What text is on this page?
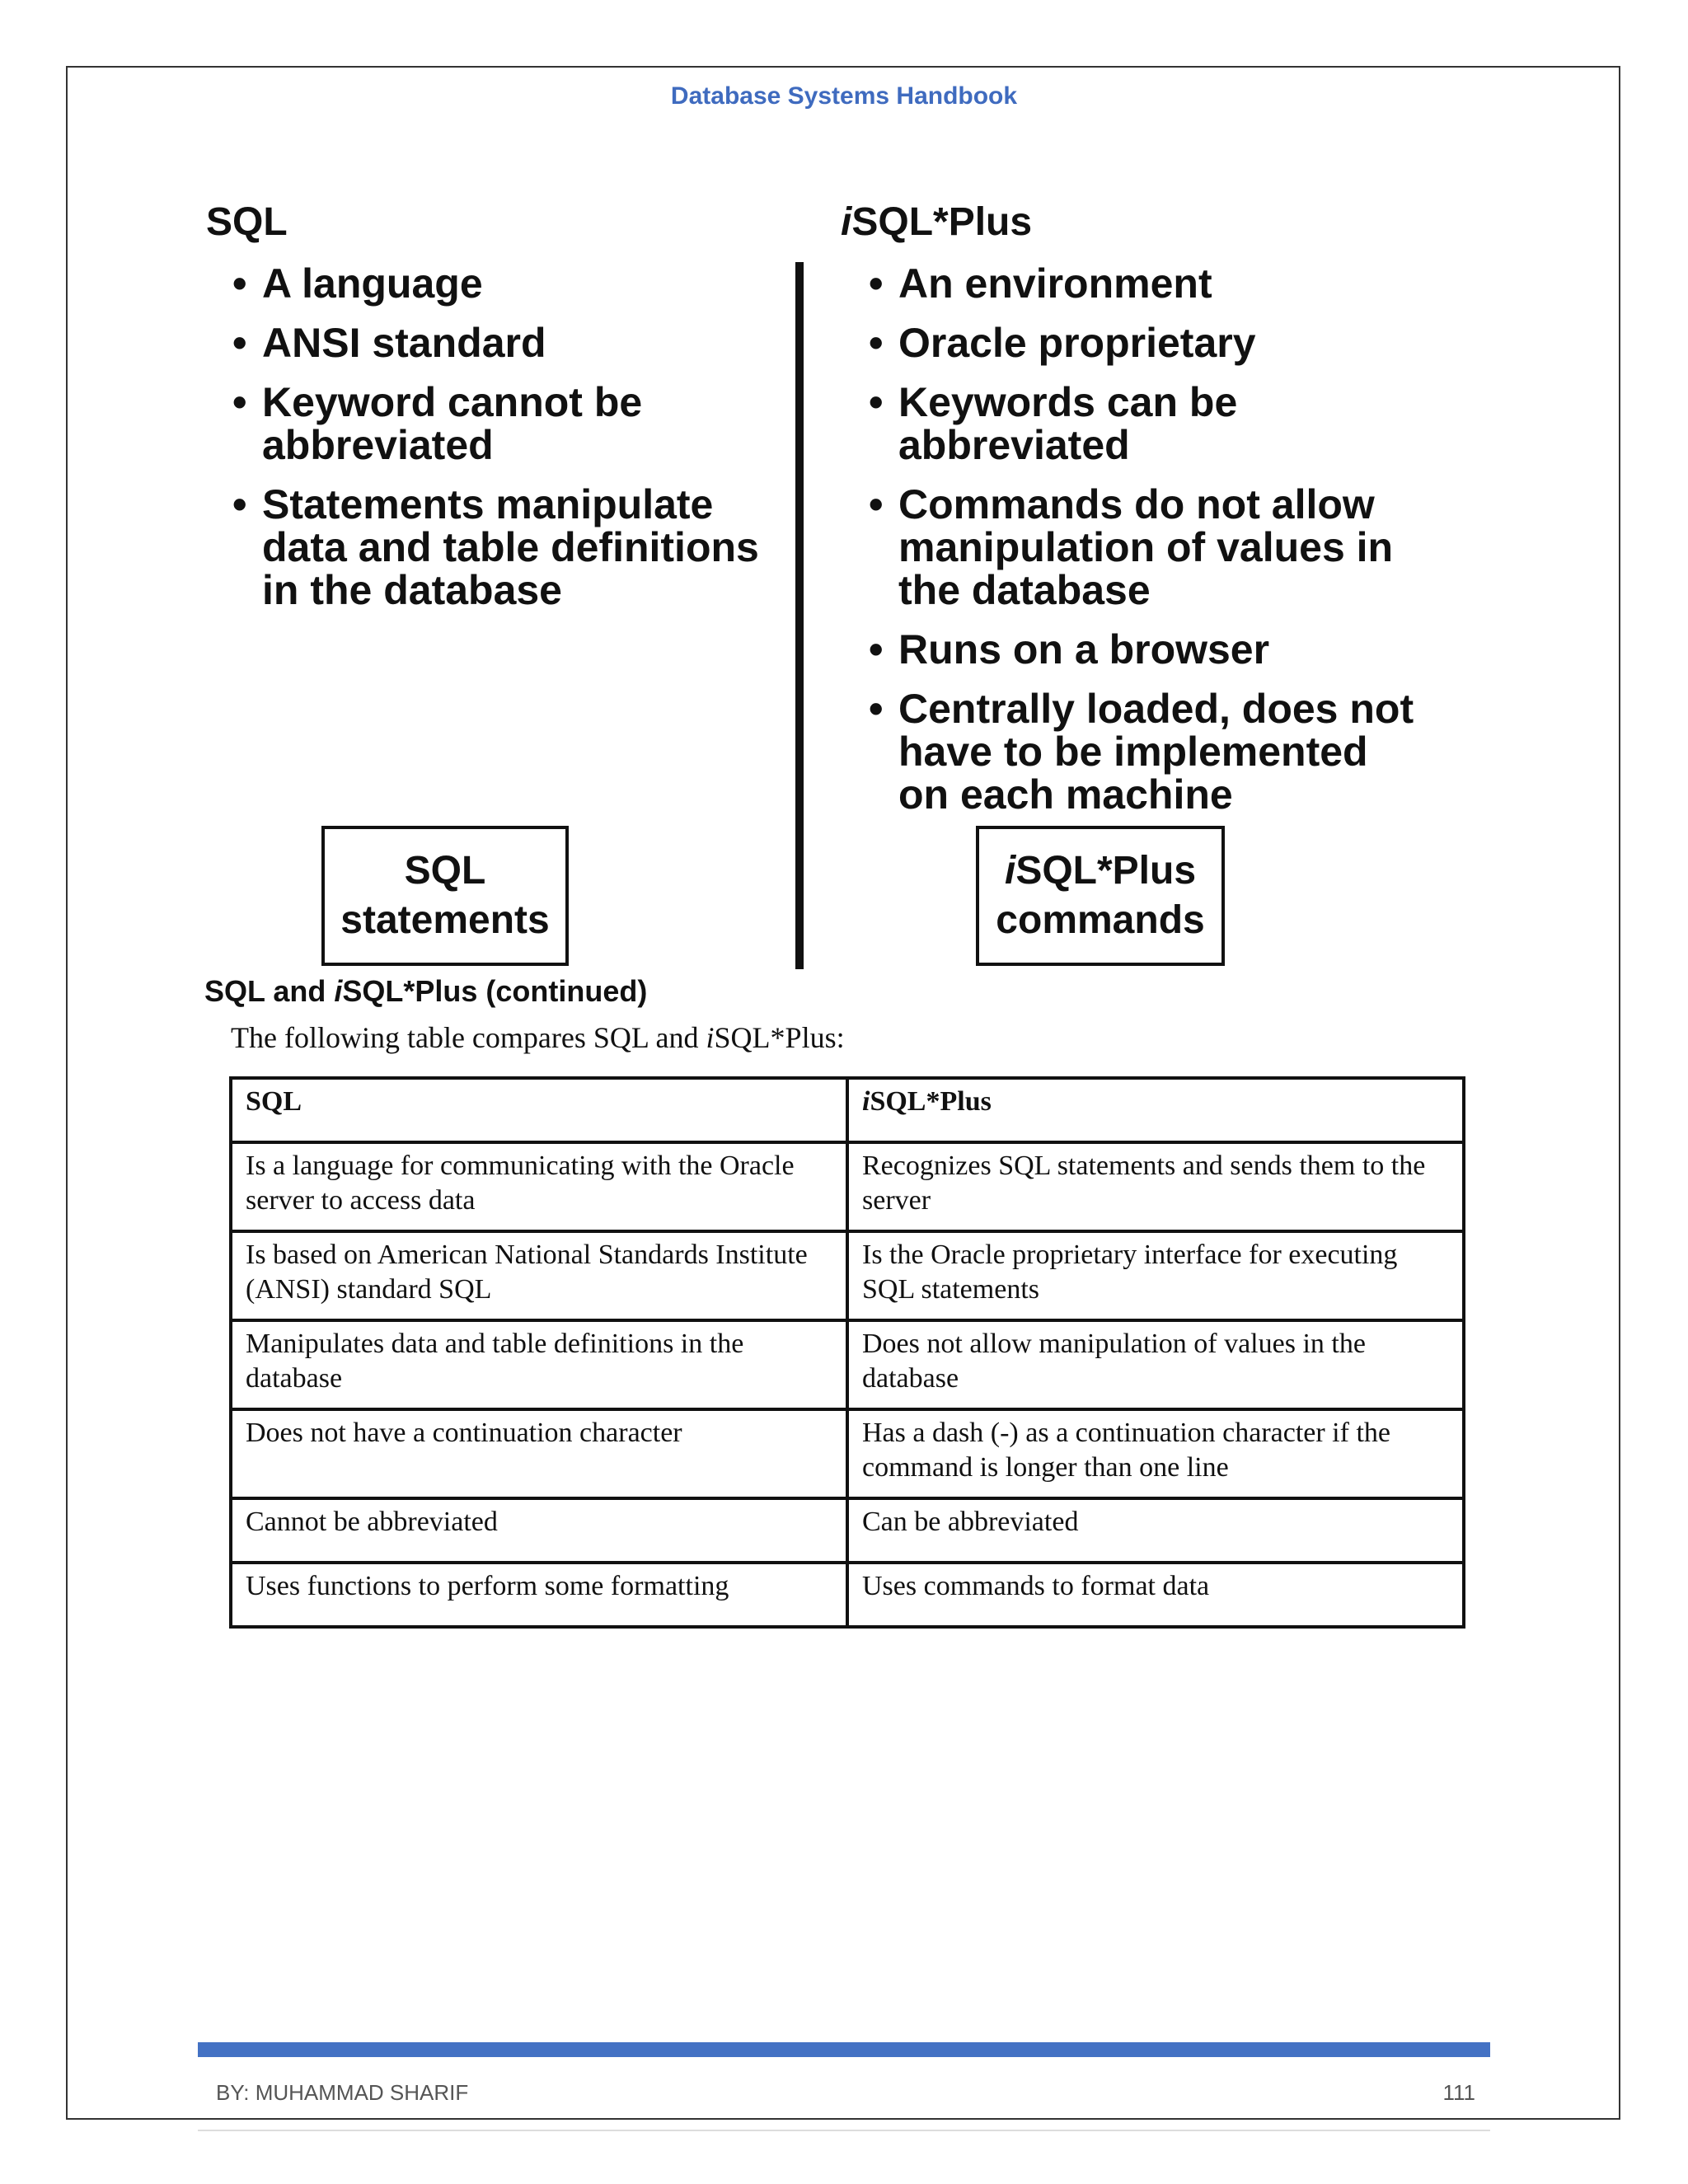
Database Systems Handbook
SQL	iSQL*Plus
• A language
• ANSI standard
• Keyword cannot be
abbreviated
• Statements manipulate
data and table definitions
in the database
• An environment
• Oracle proprietary
• Keywords can be
abbreviated
• Commands do not allow
manipulation of values in
the database
• Runs on a browser
• Centrally loaded, does not
have to be implemented
on each machine
SQL
statements
iSQL*Plus
commands
SQL and iSQL*Plus (continued)
The following table compares SQL and iSQL*Plus:
SQL	iSQL*Plus
Is a language for communicating with the Oracle server to access data	Recognizes SQL statements and sends them to the server
Is based on American National Standards Institute (ANSI) standard SQL	Is the Oracle proprietary interface for executing SQL statements
Manipulates data and table definitions in the database	Does not allow manipulation of values in the database
Does not have a continuation character	Has a dash (-) as a continuation character if the command is longer than one line
Cannot be abbreviated	Can be abbreviated
Uses functions to perform some formatting	Uses commands to format data
BY: MUHAMMAD SHARIF	111
